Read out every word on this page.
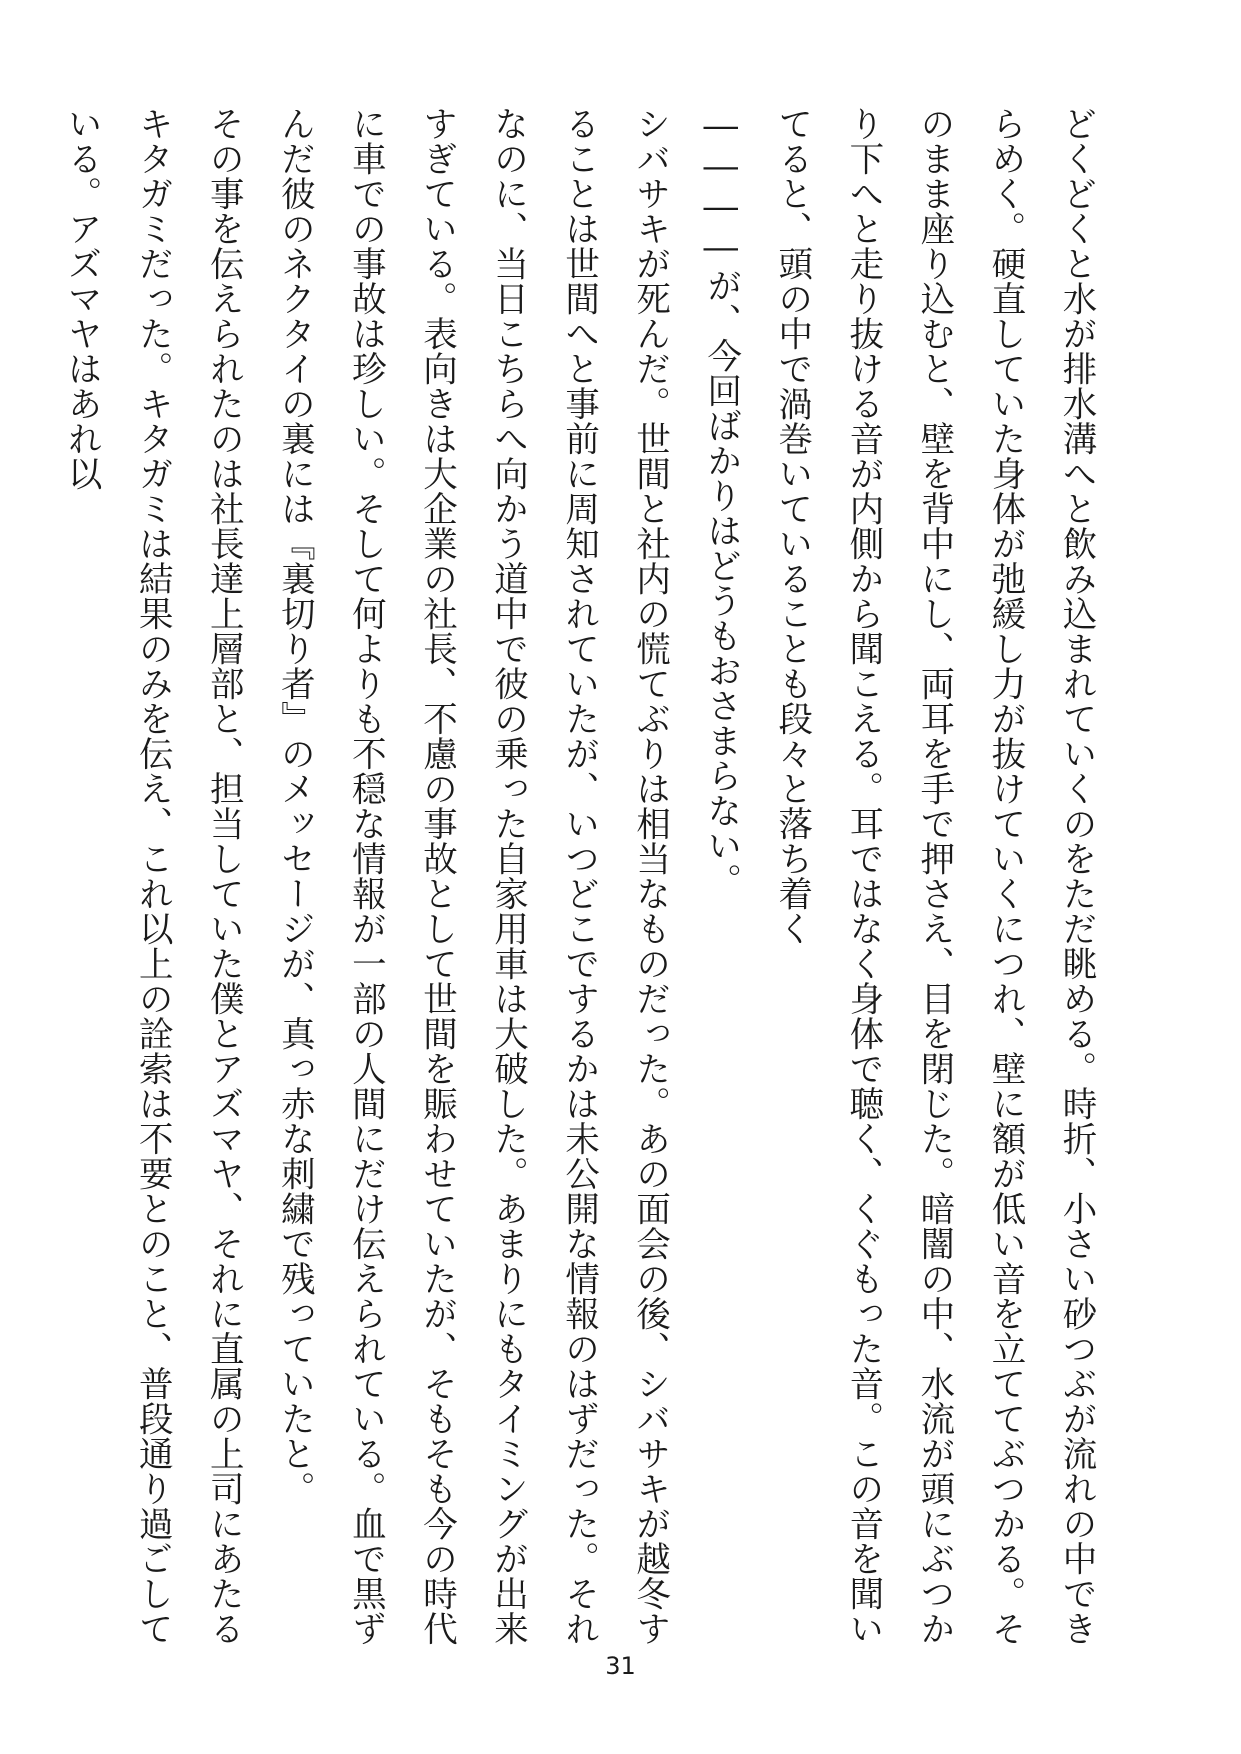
どくどくと水が排水溝へと飲み込まれていくのをただ眺める。時折、小さい砂つぶが流れの中できらめく。硬直していた身体が弛緩し力が抜けていくにつれ、壁に額が低い音を立ててぶつかる。そのまま座り込むと、壁を背中にし、両耳を手で押さえ、目を閉じた。暗闇の中、水流が頭にぶつかり下へと走り抜ける音が内側から聞こえる。耳ではなく身体で聴く、くぐもった音。この音を聞いてると、頭の中で渦巻いていることも段々と落ち着く

――――が、今回ばかりはどうもおさまらない。

シバサキが死んだ。世間と社内の慌てぶりは相当なものだった。あの面会の後、シバサキが越冬することは世間へと事前に周知されていたが、いつどこでするかは未公開な情報のはずだった。それなのに、当日こちらへ向かう道中で彼の乗った自家用車は大破した。あまりにもタイミングが出来すぎている。表向きは大企業の社長、不慮の事故として世間を賑わせていたが、そもそも今の時代に車での事故は珍しい。そして何よりも不穏な情報が一部の人間にだけ伝えられている。血で黒ずんだ彼のネクタイの裏には『裏切り者』のメッセージが、真っ赤な刺繍で残っていたと。

その事を伝えられたのは社長達上層部と、担当していた僕とアズマヤ、それに直属の上司にあたるキタガミだった。キタガミは結果のみを伝え、これ以上の詮索は不要とのこと、普段通り過ごしている。アズマヤはあれ以

31
